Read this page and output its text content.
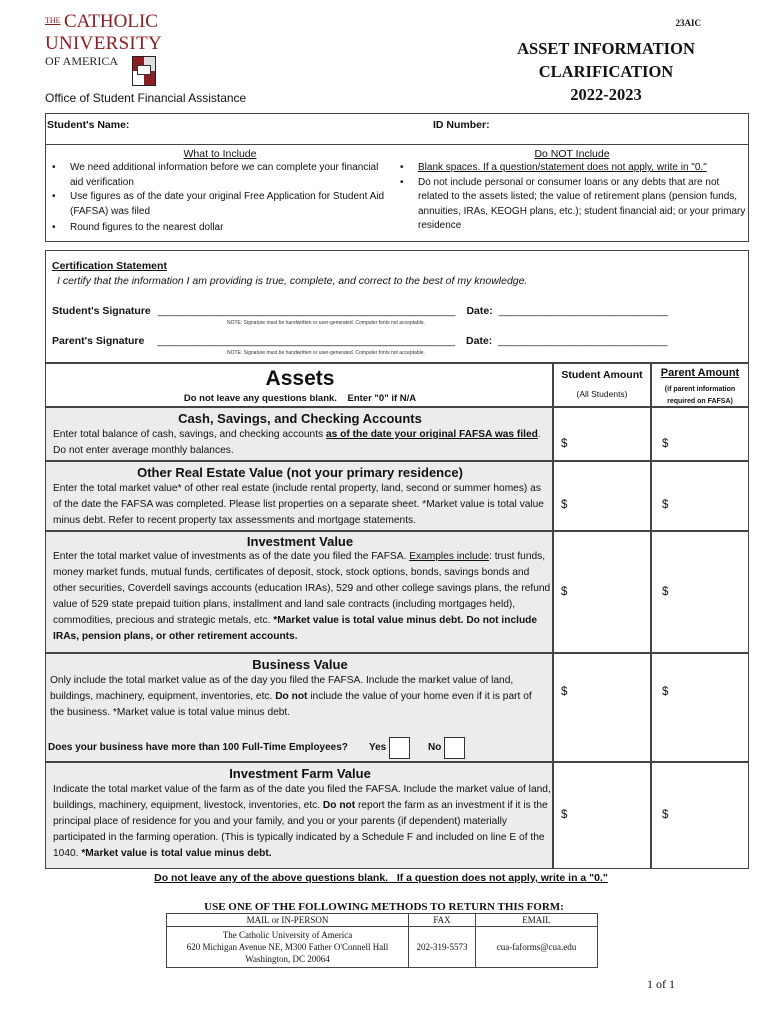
THE CATHOLIC
UNIVERSITY
OF AMERICA
Office of Student Financial Assistance
23AIC
ASSET INFORMATION
CLARIFICATION
2022-2023
Student's Name:	ID Number:
What to Include
• We need additional information before we can complete your financial aid verification
• Use figures as of the date your original Free Application for Student Aid (FAFSA) was filed
• Round figures to the nearest dollar
Do NOT Include
• Blank spaces. If a question/statement does not apply, write in "0."
• Do not include personal or consumer loans or any debts that are not related to the assets listed; the value of retirement plans (pension funds, annuities, IRAs, KEOGH plans, etc.); student financial aid; or your primary residence
Certification Statement
I certify that the information I am providing is true, complete, and correct to the best of my knowledge.
Student's Signature ___________________________________________________ Date: _____________________________
NOTE: Signature must be handwritten or user-generated. Computer fonts not acceptable.
Parent's Signature ___________________________________________________ Date: _____________________________
NOTE: Signature must be handwritten or user-generated. Computer fonts not acceptable.
Assets
Do not leave any questions blank.    Enter "0" if N/A
Student Amount
(All Students)
Parent Amount
(if parent information
required on FAFSA)
Cash, Savings, and Checking Accounts
Enter total balance of cash, savings, and checking accounts as of the date your original FAFSA was filed.
Do not enter average monthly balances.
$	$
Other Real Estate Value (not your primary residence)
Enter the total market value* of other real estate (include rental property, land, second or summer homes) as of the date the FAFSA was completed. Please list properties on a separate sheet. *Market value is total value minus debt. Refer to recent property tax assessments and mortgage statements.
$	$
Investment Value
Enter the total market value of investments as of the date you filed the FAFSA. Examples include: trust funds, money market funds, mutual funds, certificates of deposit, stock, stock options, bonds, savings bonds and other securities, Coverdell savings accounts (education IRAs), 529 and other college savings plans, the refund value of 529 state prepaid tuition plans, installment and land sale contracts (including mortgages held), commodities, precious and strategic metals, etc. *Market value is total value minus debt. Do not include IRAs, pension plans, or other retirement accounts.
$	$
Business Value
Only include the total market value as of the day you filed the FAFSA. Include the market value of land, buildings, machinery, equipment, inventories, etc. Do not include the value of your home even if it is part of the business. *Market value is total value minus debt.
Does your business have more than 100 Full-Time Employees? Yes	No
$	$
Investment Farm Value
Indicate the total market value of the farm as of the date you filed the FAFSA. Include the market value of land, buildings, machinery, equipment, livestock, inventories, etc. Do not report the farm as an investment if it is the principal place of residence for you and your family, and you or your parents (if dependent) materially participated in the farming operation. (This is typically indicated by a Schedule F and included on line E of the 1040. *Market value is total value minus debt.
$	$
Do not leave any of the above questions blank.   If a question does not apply, write in a "0."
USE ONE OF THE FOLLOWING METHODS TO RETURN THIS FORM:
MAIL or IN-PERSON	FAX	EMAIL

The Catholic University of America
620 Michigan Avenue NE, M300 Father O'Connell Hall
Washington, DC 20064	202-319-5573	cua-faforms@cua.edu
1 of 1
